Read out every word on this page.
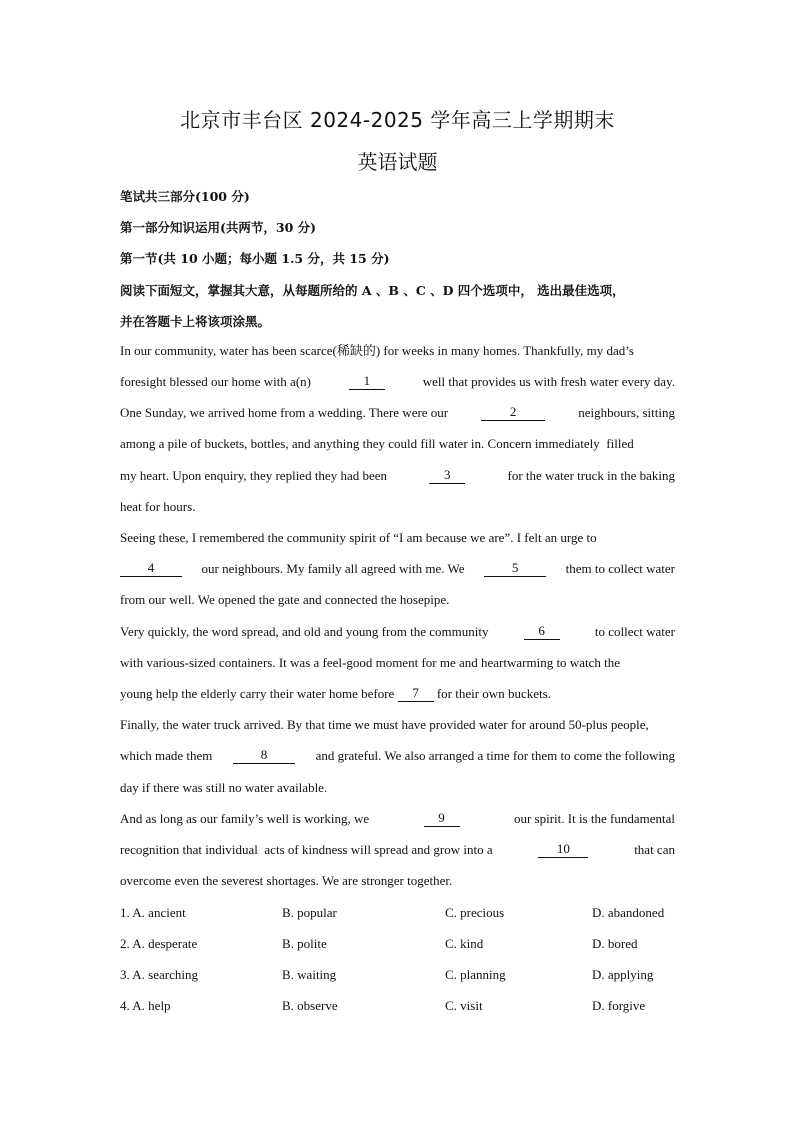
北京市丰台区 2024-2025 学年高三上学期期末
英语试题
笔试共三部分(100 分)
第一部分知识运用(共两节，30 分)
第一节(共 10 小题；每小题 1.5 分，共 15 分)
阅读下面短文，掌握其大意，从每题所给的 A 、B 、C 、D 四个选项中， 选出最佳选项，
并在答题卡上将该项涂黑。
In our community, water has been scarce(稀缺的) for weeks in many homes. Thankfully, my dad’s
foresight blessed our home with a(n)	1	well that provides us with fresh water every day.
One Sunday, we arrived home from a wedding. There were our	2	neighbours, sitting
among a pile of buckets, bottles, and anything they could fill water in. Concern immediately  filled
my heart. Upon enquiry, they replied they had been	3	for the water truck in the baking
heat for hours.
Seeing these, I remembered the community spirit of “I am because we are”. I felt an urge to
4	our neighbours. My family all agreed with me. We	5	them to collect water
from our well. We opened the gate and connected the hosepipe.
Very quickly, the word spread, and old and young from the community	6	to collect water
with various-sized containers. It was a feel-good moment for me and heartwarming to watch the
young help the elderly carry their water home before	7	for their own buckets.
Finally, the water truck arrived. By that time we must have provided water for around 50-plus people,
which made them	8	and grateful. We also arranged a time for them to come the following
day if there was still no water available.
And as long as our family’s well is working, we	9	our spirit. It is the fundamental
recognition that individual  acts of kindness will spread and grow into a	10	that can
overcome even the severest shortages. We are stronger together.
1. A. ancient	B. popular	C. precious	D. abandoned
2. A. desperate	B. polite	C. kind	D. bored
3. A. searching	B. waiting	C. planning	D. applying
4. A. help	B. observe	C. visit	D. forgive
